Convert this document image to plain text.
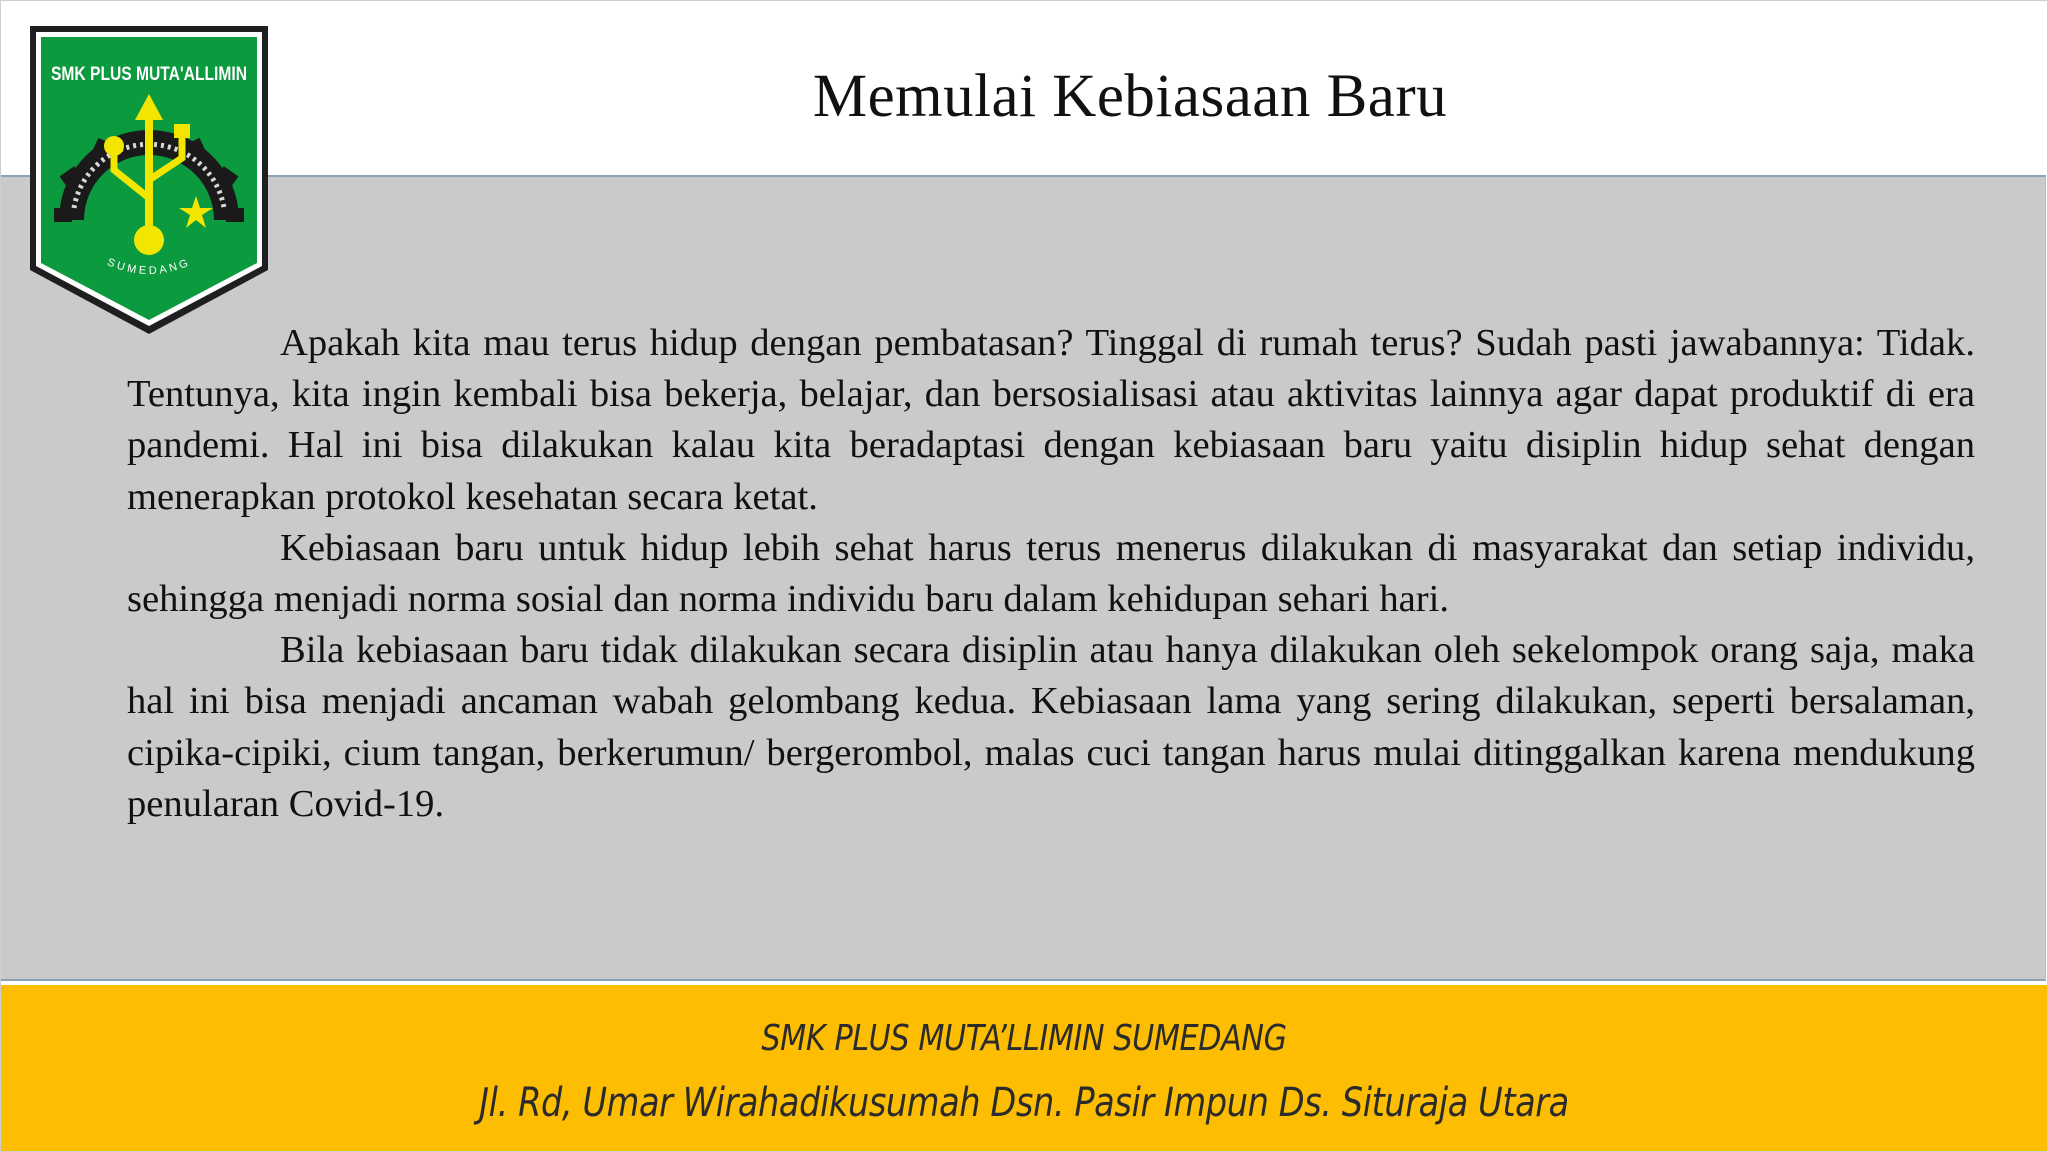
Memulai Kebiasaan Baru

Apakah kita mau terus hidup dengan pembatasan? Tinggal di rumah terus? Sudah pasti jawabannya: Tidak. Tentunya, kita ingin kembali bisa bekerja, belajar, dan bersosialisasi atau aktivitas lainnya agar dapat produktif di era pandemi. Hal ini bisa dilakukan kalau kita beradaptasi dengan kebiasaan baru yaitu disiplin hidup sehat dengan menerapkan protokol kesehatan secara ketat.

Kebiasaan baru untuk hidup lebih sehat harus terus menerus dilakukan di masyarakat dan setiap individu, sehingga menjadi norma sosial dan norma individu baru dalam kehidupan sehari hari.

Bila kebiasaan baru tidak dilakukan secara disiplin atau hanya dilakukan oleh sekelompok orang saja, maka hal ini bisa menjadi ancaman wabah gelombang kedua. Kebiasaan lama yang sering dilakukan, seperti bersalaman, cipika-cipiki, cium tangan, berkerumun/ bergerombol, malas cuci tangan harus mulai ditinggalkan karena mendukung penularan Covid-19.

SMK PLUS MUTA'ALLIMIN
SUMEDANG
SMK PLUS MUTA’LLIMIN SUMEDANG
Jl. Rd, Umar Wirahadikusumah Dsn. Pasir Impun Ds. Situraja Utara
